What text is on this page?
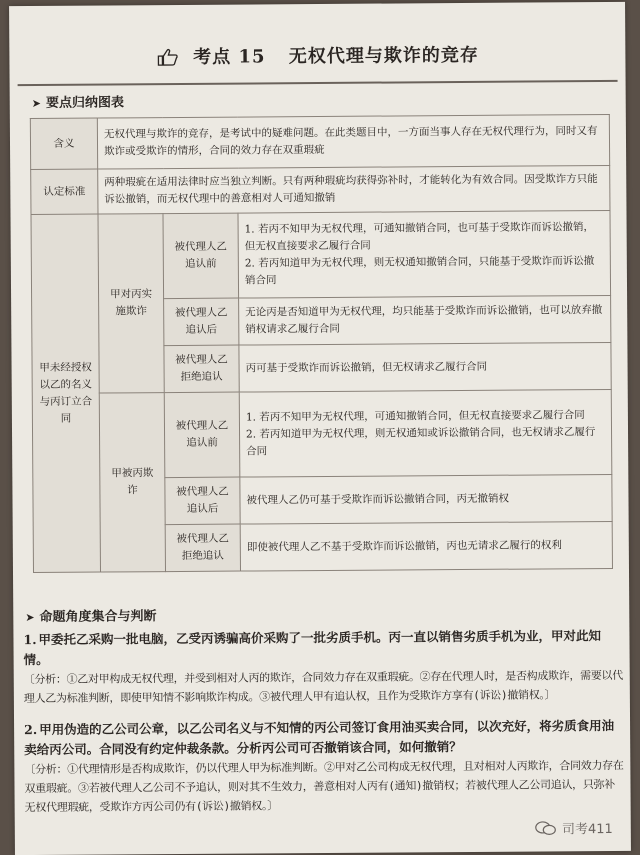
考点 15 无权代理与欺诈的竞存
➤ 要点归纳图表
含义	无权代理与欺诈的竞存，是考试中的疑难问题。在此类题目中，一方面当事人存在无权代理行为，同时又有欺诈或受欺诈的情形，合同的效力存在双重瑕疵		
认定标准	两种瑕疵在适用法律时应当独立判断。只有两种瑕疵均获得弥补时，才能转化为有效合同。因受欺诈方只能诉讼撤销，而无权代理中的善意相对人可通知撤销		
甲未经授权以乙的名义与丙订立合同	甲对丙实施欺诈	被代理人乙追认前	1. 若丙不知甲为无权代理，可通知撤销合同，也可基于受欺诈而诉讼撤销，但无权直接要求乙履行合同
2. 若丙知道甲为无权代理，则无权通知撤销合同，只能基于受欺诈而诉讼撤销合同

		被代理人乙追认后	无论丙是否知道甲为无权代理，均只能基于受欺诈而诉讼撤销，也可以放弃撤销权请求乙履行合同
		被代理人乙拒绝追认	丙可基于受欺诈而诉讼撤销，但无权请求乙履行合同
	甲被丙欺诈	被代理人乙追认前	1. 若丙不知甲为无权代理，可通知撤销合同，但无权直接要求乙履行合同
2. 若丙知道甲为无权代理，则无权通知或诉讼撤销合同，也无权请求乙履行合同

		被代理人乙追认后	被代理人乙仍可基于受欺诈而诉讼撤销合同，丙无撤销权
		被代理人乙拒绝追认	即使被代理人乙不基于受欺诈而诉讼撤销，丙也无请求乙履行的权利
➤ 命题角度集合与判断
1. 甲委托乙采购一批电脑，乙受丙诱骗高价采购了一批劣质手机。丙一直以销售劣质手机为业，甲对此知情。
〔分析：①乙对甲构成无权代理，并受到相对人丙的欺诈，合同效力存在双重瑕疵。②存在代理人时，是否构成欺诈，需要以代理人乙为标准判断，即使甲知情不影响欺诈构成。③被代理人甲有追认权，且作为受欺诈方享有(诉讼)撤销权。〕
2. 甲用伪造的乙公司公章，以乙公司名义与不知情的丙公司签订食用油买卖合同，以次充好，将劣质食用油卖给丙公司。合同没有约定仲裁条款。分析丙公司可否撤销该合同，如何撤销？
〔分析：①代理情形是否构成欺诈，仍以代理人甲为标准判断。②甲对乙公司构成无权代理，且对相对人丙欺诈，合同效力存在双重瑕疵。③若被代理人乙公司不予追认，则对其不生效力，善意相对人丙有(通知)撤销权；若被代理人乙公司追认，只弥补无权代理瑕疵，受欺诈方丙公司仍有(诉讼)撤销权。〕
司考411
